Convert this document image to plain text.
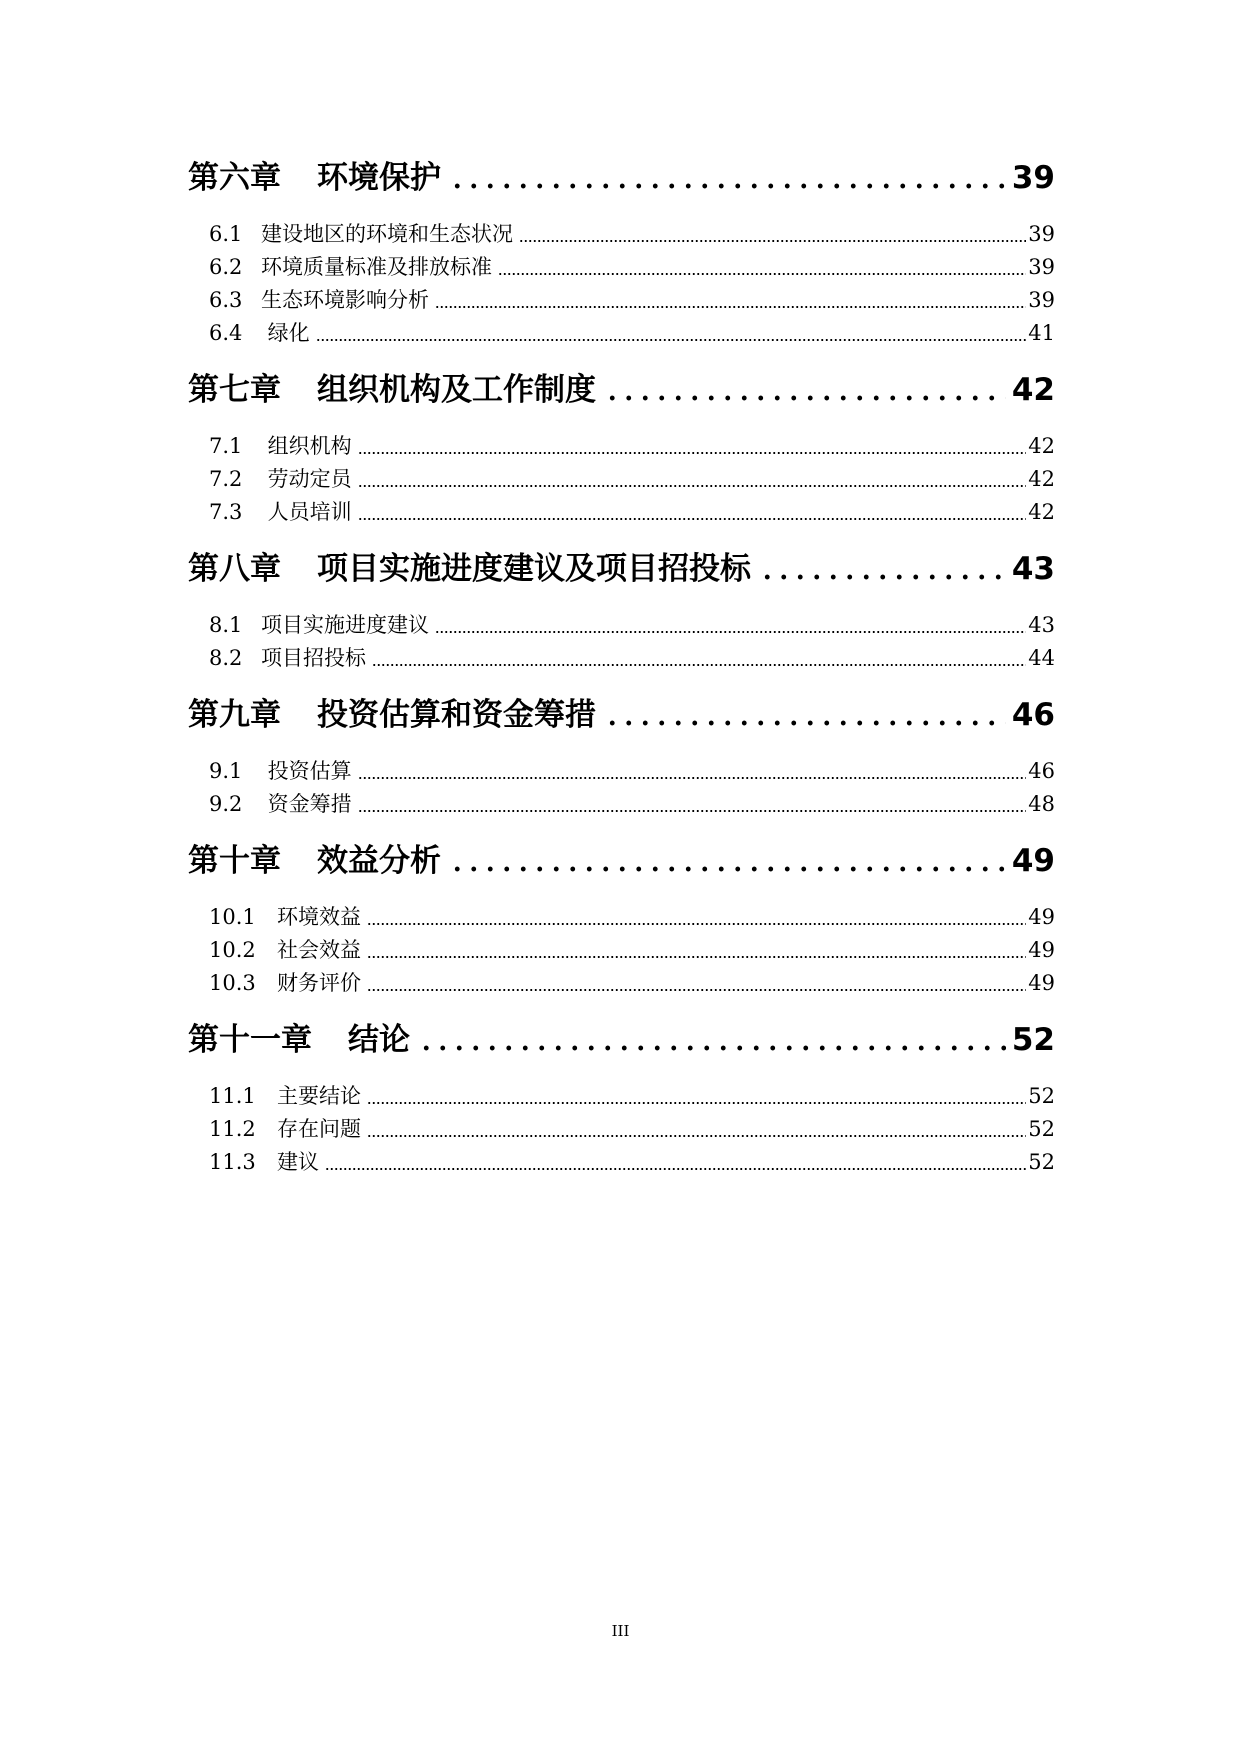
第六章 环境保护	39
6.1 建设地区的环境和生态状况	39
6.2 环境质量标准及排放标准	39
6.3 生态环境影响分析	39
6.4 绿化	41
第七章 组织机构及工作制度	42
7.1 组织机构	42
7.2 劳动定员	42
7.3 人员培训	42
第八章 项目实施进度建议及项目招投标	43
8.1 项目实施进度建议	43
8.2 项目招投标	44
第九章 投资估算和资金筹措	46
9.1 投资估算	46
9.2 资金筹措	48
第十章 效益分析	49
10.1	环境效益	49
10.2	社会效益	49
10.3	财务评价	49
第十一章 结论	52
11.1	主要结论	52
11.2	存在问题	52
11.3	建议	52
III
